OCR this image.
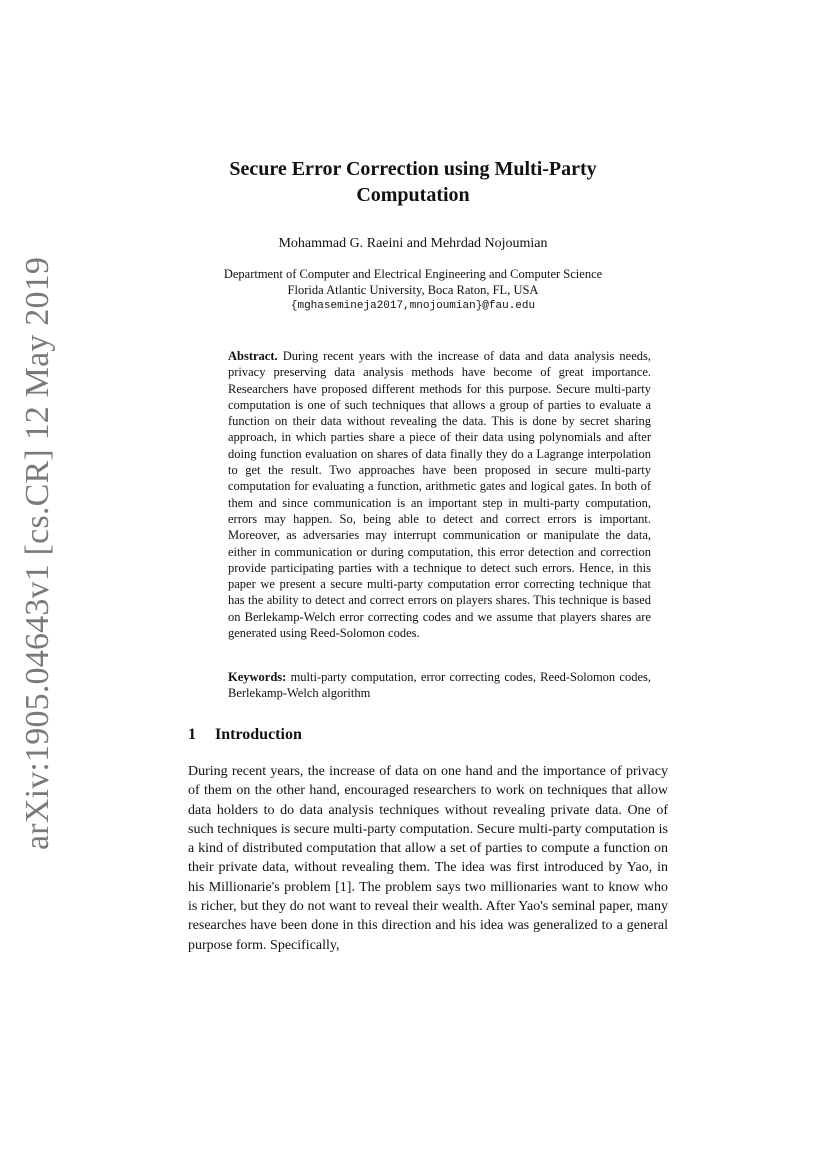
arXiv:1905.04643v1 [cs.CR] 12 May 2019
Secure Error Correction using Multi-Party
Computation
Mohammad G. Raeini and Mehrdad Nojoumian
Department of Computer and Electrical Engineering and Computer Science
Florida Atlantic University, Boca Raton, FL, USA
{mghasemineja2017,mnojoumian}@fau.edu
Abstract. During recent years with the increase of data and data analysis needs, privacy preserving data analysis methods have become of great importance. Researchers have proposed different methods for this purpose. Secure multi-party computation is one of such techniques that allows a group of parties to evaluate a function on their data without revealing the data. This is done by secret sharing approach, in which parties share a piece of their data using polynomials and after doing function evaluation on shares of data finally they do a Lagrange interpolation to get the result. Two approaches have been proposed in secure multi-party computation for evaluating a function, arithmetic gates and logical gates. In both of them and since communication is an important step in multi-party computation, errors may happen. So, being able to detect and correct errors is important. Moreover, as adversaries may interrupt communication or manipulate the data, either in communication or during computation, this error detection and correction provide participating parties with a technique to detect such errors. Hence, in this paper we present a secure multi-party computation error correcting technique that has the ability to detect and correct errors on players shares. This technique is based on Berlekamp-Welch error correcting codes and we assume that players shares are generated using Reed-Solomon codes.
Keywords: multi-party computation, error correcting codes, Reed-Solomon codes, Berlekamp-Welch algorithm
1 Introduction
During recent years, the increase of data on one hand and the importance of privacy of them on the other hand, encouraged researchers to work on techniques that allow data holders to do data analysis techniques without revealing private data. One of such techniques is secure multi-party computation. Secure multi-party computation is a kind of distributed computation that allow a set of parties to compute a function on their private data, without revealing them. The idea was first introduced by Yao, in his Millionarie's problem [1]. The problem says two millionaries want to know who is richer, but they do not want to reveal their wealth. After Yao's seminal paper, many researches have been done in this direction and his idea was generalized to a general purpose form. Specifically,
